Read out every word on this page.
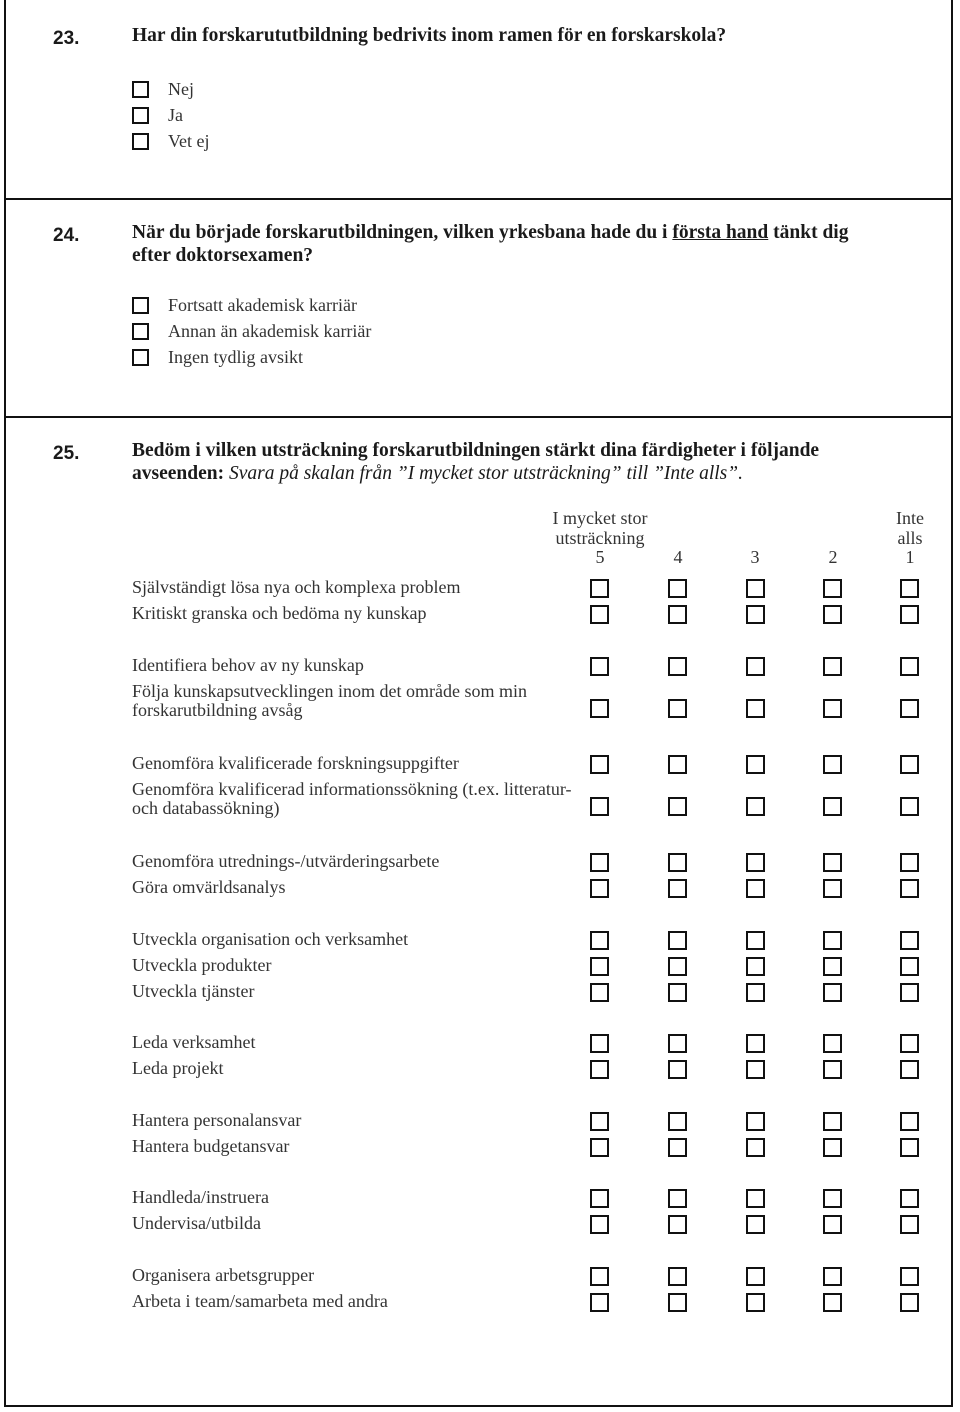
23.	Har din forskarututbildning bedrivits inom ramen för en forskarskola?
Nej
Ja
Vet ej
24.	När du började forskarutbildningen, vilken yrkesbana hade du i första hand tänkt dig efter doktorsexamen?
Fortsatt akademisk karriär
Annan än akademisk karriär
Ingen tydlig avsikt
25.	Bedöm i vilken utsträckning forskarutbildningen stärkt dina färdigheter i följande avseenden: Svara på skalan från ”I mycket stor utsträckning” till ”Inte alls”.
I mycket stor
utsträckning
Inte
alls
5	4	3	2	1
Självständigt lösa nya och komplexa problem
Kritiskt granska och bedöma ny kunskap
Identifiera behov av ny kunskap
Följa kunskapsutvecklingen inom det område som min forskarutbildning avsåg
Genomföra kvalificerade forskningsuppgifter
Genomföra kvalificerad informationssökning (t.ex. litteratur- och databassökning)
Genomföra utrednings-/utvärderingsarbete
Göra omvärldsanalys
Utveckla organisation och verksamhet
Utveckla produkter
Utveckla tjänster
Leda verksamhet
Leda projekt
Hantera personalansvar
Hantera budgetansvar
Handleda/instruera
Undervisa/utbilda
Organisera arbetsgrupper
Arbeta i team/samarbeta med andra
